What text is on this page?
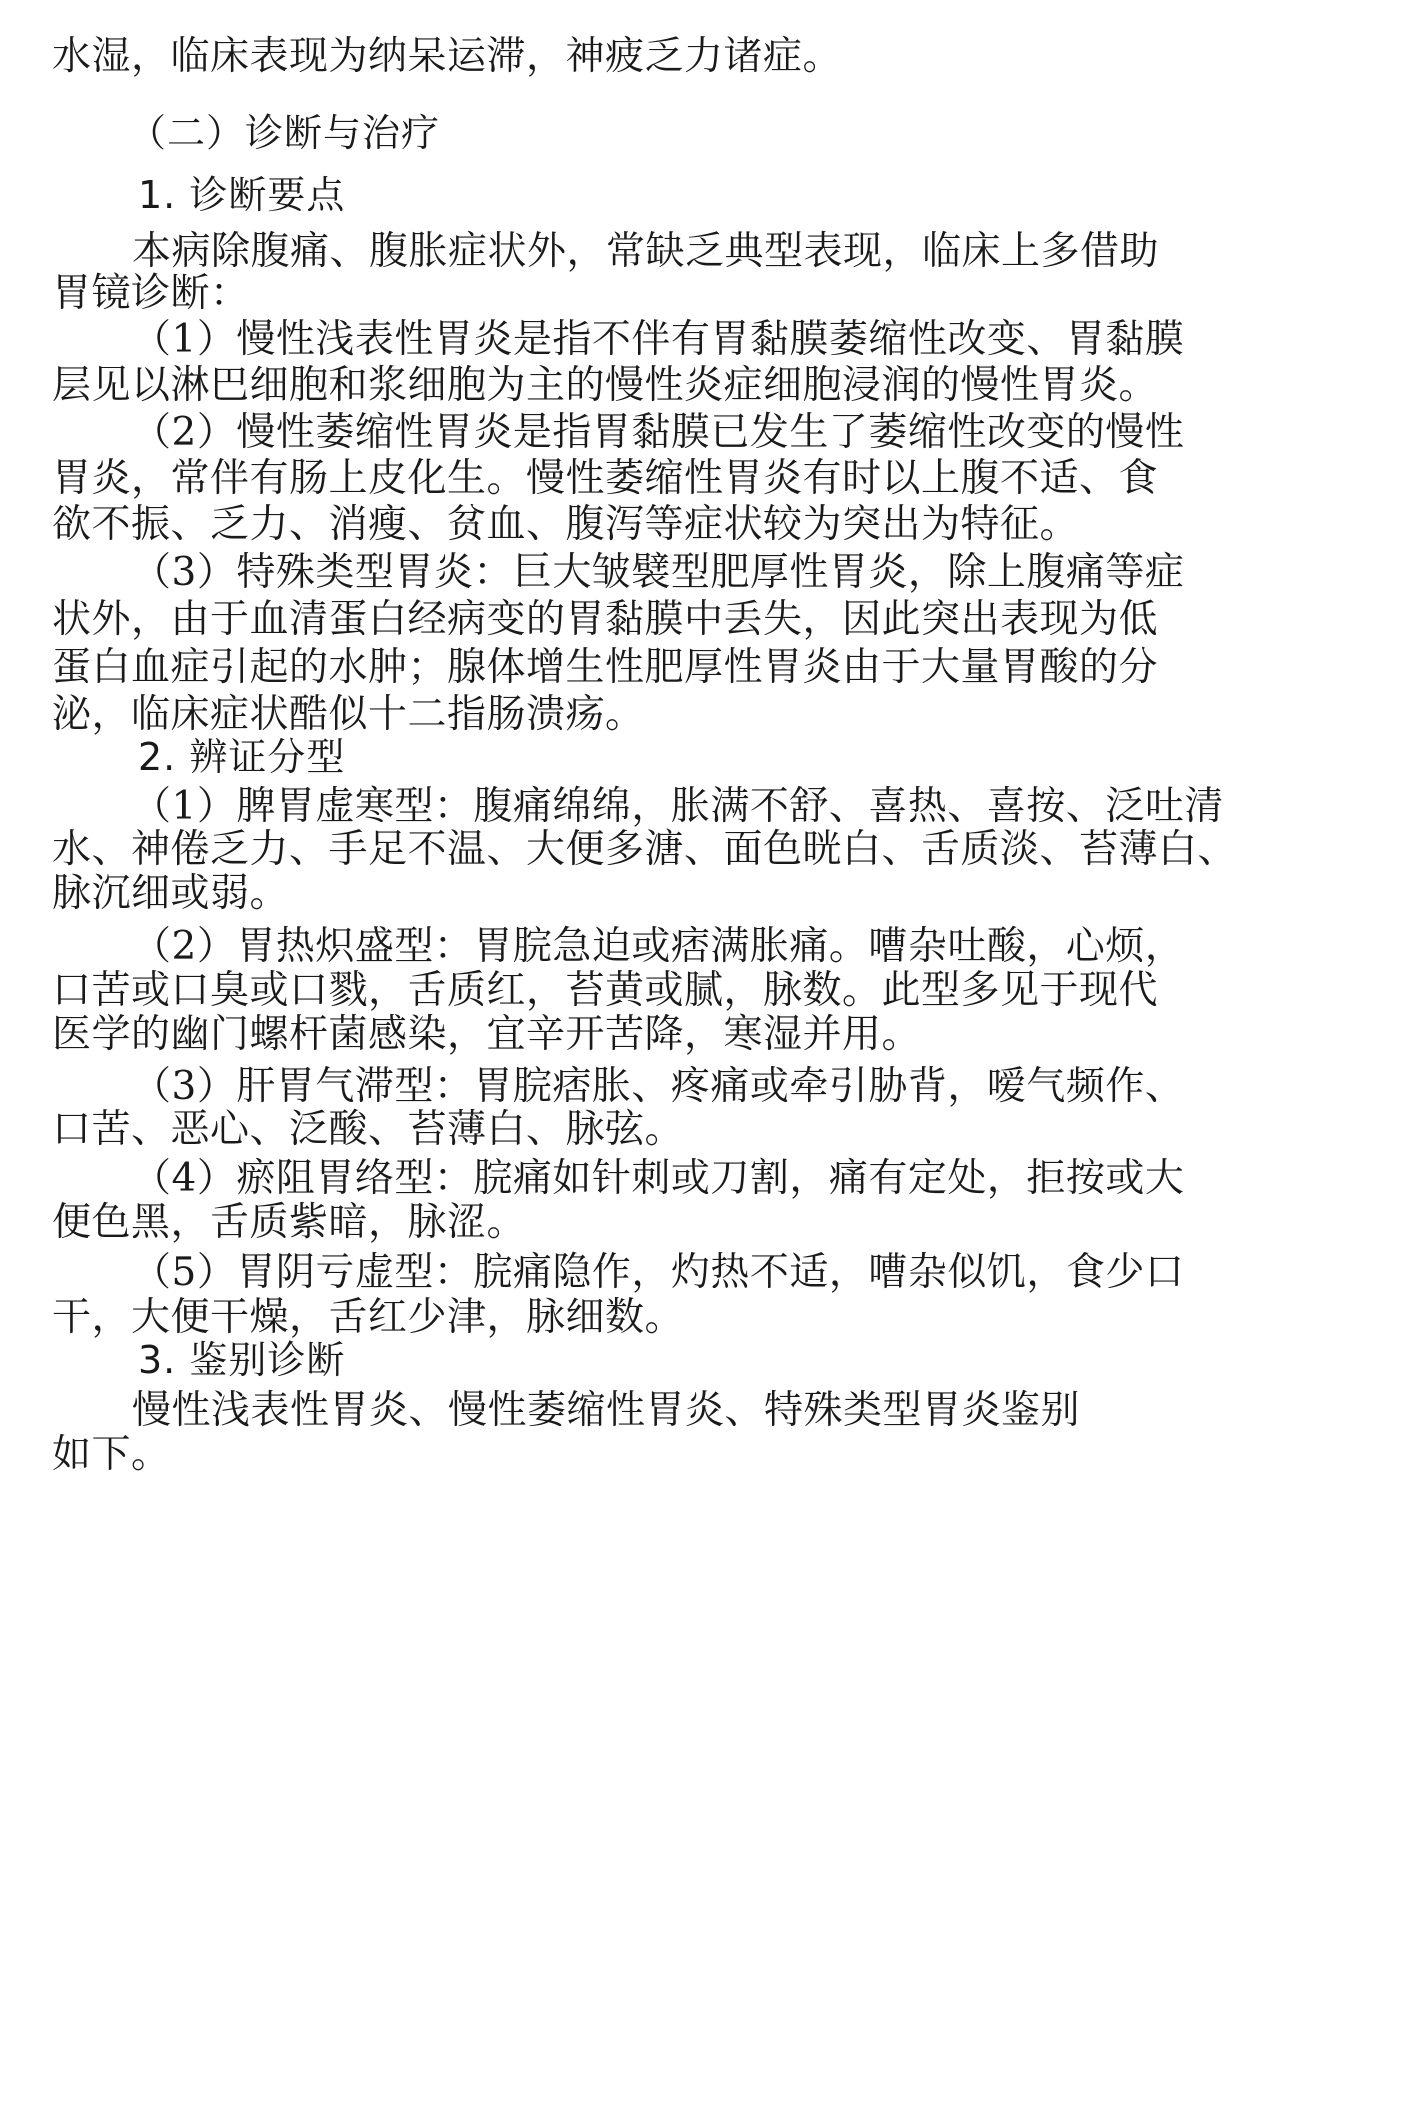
水湿，临床表现为纳呆运滞，神疲乏力诸症。
（二）诊断与治疗
1. 诊断要点
本病除腹痛、腹胀症状外，常缺乏典型表现，临床上多借助
胃镜诊断：
（1）慢性浅表性胃炎是指不伴有胃黏膜萎缩性改变、胃黏膜
层见以淋巴细胞和浆细胞为主的慢性炎症细胞浸润的慢性胃炎。
（2）慢性萎缩性胃炎是指胃黏膜已发生了萎缩性改变的慢性
胃炎，常伴有肠上皮化生。慢性萎缩性胃炎有时以上腹不适、食
欲不振、乏力、消瘦、贫血、腹泻等症状较为突出为特征。
（3）特殊类型胃炎：巨大皱襞型肥厚性胃炎，除上腹痛等症
状外，由于血清蛋白经病变的胃黏膜中丢失，因此突出表现为低
蛋白血症引起的水肿；腺体增生性肥厚性胃炎由于大量胃酸的分
泌，临床症状酷似十二指肠溃疡。
2. 辨证分型
（1）脾胃虚寒型：腹痛绵绵，胀满不舒、喜热、喜按、泛吐清
水、神倦乏力、手足不温、大便多溏、面色晄白、舌质淡、苔薄白、
脉沉细或弱。
（2）胃热炽盛型：胃脘急迫或痞满胀痛。嘈杂吐酸，心烦，
口苦或口臭或口戮，舌质红，苔黄或腻，脉数。此型多见于现代
医学的幽门螺杆菌感染，宜辛开苦降，寒湿并用。
（3）肝胃气滞型：胃脘痞胀、疼痛或牵引胁背，嗳气频作、
口苦、恶心、泛酸、苔薄白、脉弦。
（4）瘀阻胃络型：脘痛如针刺或刀割，痛有定处，拒按或大
便色黑，舌质紫暗，脉涩。
（5）胃阴亏虚型：脘痛隐作，灼热不适，嘈杂似饥，食少口
干，大便干燥，舌红少津，脉细数。
3. 鉴别诊断
慢性浅表性胃炎、慢性萎缩性胃炎、特殊类型胃炎鉴别
如下。
